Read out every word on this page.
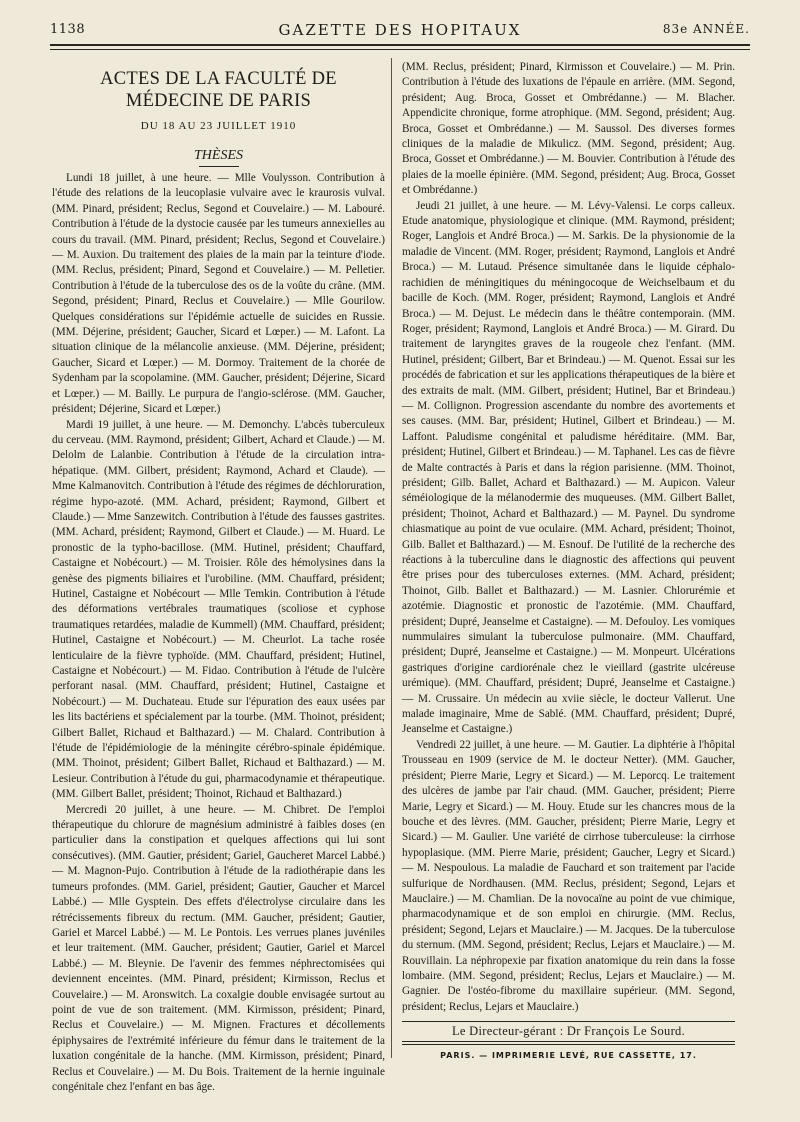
1138	GAZETTE DES HOPITAUX	83e ANNÉE.
ACTES DE LA FACULTÉ DE MÉDECINE DE PARIS
DU 18 AU 23 JUILLET 1910
THÈSES

Lundi 18 juillet, à une heure. — Mlle Voulysson. Contribution à l'étude des relations de la leucoplasie vulvaire avec le kraurosis vulval. (MM. Pinard, président; Reclus, Segond et Couvelaire.) — M. Labouré. Contribution à l'étude de la dystocie causée par les tumeurs annexielles au cours du travail. (MM. Pinard, président; Reclus, Segond et Couvelaire.) — M. Auxion. Du traitement des plaies de la main par la teinture d'iode. (MM. Reclus, président; Pinard, Segond et Couvelaire.) — M. Pelletier. Contribution à l'étude de la tuberculose des os de la voûte du crâne. (MM. Segond, président; Pinard, Reclus et Couvelaire.) — Mlle Gourilow. Quelques considérations sur l'épidémie actuelle de suicides en Russie. (MM. Déjerine, président; Gaucher, Sicard et Lœper.) — M. Lafont. La situation clinique de la mélancolie anxieuse. (MM. Déjerine, président; Gaucher, Sicard et Lœper.) — M. Dormoy. Traitement de la chorée de Sydenham par la scopolamine. (MM. Gaucher, président; Déjerine, Sicard et Lœper.) — M. Bailly. Le purpura de l'angio-sclérose. (MM. Gaucher, président; Déjerine, Sicard et Lœper.)

Mardi 19 juillet, à une heure. — M. Demonchy. L'abcès tuberculeux du cerveau. (MM. Raymond, président; Gilbert, Achard et Claude.) — M. Delolm de Lalanbie. Contribution à l'étude de la circulation intra-hépatique. (MM. Gilbert, président; Raymond, Achard et Claude). — Mme Kalmanovitch. Contribution à l'étude des régimes de déchloruration, régime hypo-azoté. (MM. Achard, président; Raymond, Gilbert et Claude.) — Mme Sanzewitch. Contribution à l'étude des fausses gastrites. (MM. Achard, président; Raymond, Gilbert et Claude.) — M. Huard. Le pronostic de la typho-bacillose. (MM. Hutinel, président; Chauffard, Castaigne et Nobécourt.) — M. Troisier. Rôle des hémolysines dans la genèse des pigments biliaires et l'urobiline. (MM. Chauffard, président; Hutinel, Castaigne et Nobécourt — Mlle Temkin. Contribution à l'étude des déformations vertébrales traumatiques (scoliose et cyphose traumatiques retardées, maladie de Kummell) (MM. Chauffard, président; Hutinel, Castaigne et Nobécourt.) — M. Cheurlot. La tache rosée lenticulaire de la fièvre typhoïde. (MM. Chauffard, président; Hutinel, Castaigne et Nobécourt.) — M. Fidao. Contribution à l'étude de l'ulcère perforant nasal. (MM. Chauffard, président; Hutinel, Castaigne et Nobécourt.) — M. Duchateau. Etude sur l'épuration des eaux usées par les lits bactériens et spécialement par la tourbe. (MM. Thoinot, président; Gilbert Ballet, Richaud et Balthazard.) — M. Chalard. Contribution à l'étude de l'épidémiologie de la méningite cérébro-spinale épidémique. (MM. Thoinot, président; Gilbert Ballet, Richaud et Balthazard.) — M. Lesieur. Contribution à l'étude du gui, pharmacodynamie et thérapeutique. (MM. Gilbert Ballet, président; Thoinot, Richaud et Balthazard.)

Mercredi 20 juillet, à une heure. — M. Chibret. De l'emploi thérapeutique du chlorure de magnésium administré à faibles doses (en particulier dans la constipation et quelques affections qui lui sont consécutives). (MM. Gautier, président; Gariel, Gaucheret Marcel Labbé.) — M. Magnon-Pujo. Contribution à l'étude de la radiothérapie dans les tumeurs profondes. (MM. Gariel, président; Gautier, Gaucher et Marcel Labbé.) — Mlle Gysptein. Des effets d'électrolyse circulaire dans les rétrécissements fibreux du rectum. (MM. Gaucher, président; Gautier, Gariel et Marcel Labbé.) — M. Le Pontois. Les verrues planes juvéniles et leur traitement. (MM. Gaucher, président; Gautier, Gariel et Marcel Labbé.) — M. Bleynie. De l'avenir des femmes néphrectomisées qui deviennent enceintes. (MM. Pinard, président; Kirmisson, Reclus et Couvelaire.) — M. Aronswitch. La coxalgie double envisagée surtout au point de vue de son traitement. (MM. Kirmisson, président; Pinard, Reclus et Couvelaire.) — M. Mignen. Fractures et décollements épiphysaires de l'extrémité inférieure du fémur dans le traitement de la luxation congénitale de la hanche. (MM. Kirmisson, président; Pinard, Reclus et Couvelaire.) — M. Du Bois. Traitement de la hernie inguinale congénitale chez l'enfant en bas âge.

(MM. Reclus, président; Pinard, Kirmisson et Couvelaire.) — M. Prin. Contribution à l'étude des luxations de l'épaule en arrière. (MM. Segond, président; Aug. Broca, Gosset et Ombrédanne.) — M. Blacher. Appendicite chronique, forme atrophique. (MM. Segond, président; Aug. Broca, Gosset et Ombrédanne.) — M. Saussol. Des diverses formes cliniques de la maladie de Mikulicz. (MM. Segond, président; Aug. Broca, Gosset et Ombrédanne.) — M. Bouvier. Contribution à l'étude des plaies de la moelle épinière. (MM. Segond, président; Aug. Broca, Gosset et Ombrédanne.)

Jeudi 21 juillet, à une heure. — M. Lévy-Valensi. Le corps calleux. Etude anatomique, physiologique et clinique. (MM. Raymond, président; Roger, Langlois et André Broca.) — M. Sarkis. De la physionomie de la maladie de Vincent. (MM. Roger, président; Raymond, Langlois et André Broca.) — M. Lutaud. Présence simultanée dans le liquide céphalo-rachidien de méningitiques du méningocoque de Weichselbaum et du bacille de Koch. (MM. Roger, président; Raymond, Langlois et André Broca.) — M. Dejust. Le médecin dans le théâtre contemporain. (MM. Roger, président; Raymond, Langlois et André Broca.) — M. Girard. Du traitement de laryngites graves de la rougeole chez l'enfant. (MM. Hutinel, président; Gilbert, Bar et Brindeau.) — M. Quenot. Essai sur les procédés de fabrication et sur les applications thérapeutiques de la bière et des extraits de malt. (MM. Gilbert, président; Hutinel, Bar et Brindeau.) — M. Collignon. Progression ascendante du nombre des avortements et ses causes. (MM. Bar, président; Hutinel, Gilbert et Brindeau.) — M. Laffont. Paludisme congénital et paludisme héréditaire. (MM. Bar, président; Hutinel, Gilbert et Brindeau.) — M. Taphanel. Les cas de fièvre de Malte contractés à Paris et dans la région parisienne. (MM. Thoinot, président; Gilb. Ballet, Achard et Balthazard.) — M. Aupicon. Valeur séméiologique de la mélanodermie des muqueuses. (MM. Gilbert Ballet, président; Thoinot, Achard et Balthazard.) — M. Paynel. Du syndrome chiasmatique au point de vue oculaire. (MM. Achard, président; Thoinot, Gilb. Ballet et Balthazard.) — M. Esnouf. De l'utilité de la recherche des réactions à la tuberculine dans le diagnostic des affections qui peuvent être prises pour des tuberculoses externes. (MM. Achard, président; Thoinot, Gilb. Ballet et Balthazard.) — M. Lasnier. Chlorurémie et azotémie. Diagnostic et pronostic de l'azotémie. (MM. Chauffard, président; Dupré, Jeanselme et Castaigne). — M. Defouloy. Les vomiques nummulaires simulant la tuberculose pulmonaire. (MM. Chauffard, président; Dupré, Jeanselme et Castaigne.) — M. Monpeurt. Ulcérations gastriques d'origine cardiorénale chez le vieillard (gastrite ulcéreuse urémique). (MM. Chauffard, président; Dupré, Jeanselme et Castaigne.) — M. Crussaire. Un médecin au xviie siècle, le docteur Vallerut. Une malade imaginaire, Mme de Sablé. (MM. Chauffard, président; Dupré, Jeanselme et Castaigne.)

Vendredi 22 juillet, à une heure. — M. Gautier. La diphtérie à l'hôpital Trousseau en 1909 (service de M. le docteur Netter). (MM. Gaucher, président; Pierre Marie, Legry et Sicard.) — M. Leporcq. Le traitement des ulcères de jambe par l'air chaud. (MM. Gaucher, président; Pierre Marie, Legry et Sicard.) — M. Houy. Etude sur les chancres mous de la bouche et des lèvres. (MM. Gaucher, président; Pierre Marie, Legry et Sicard.) — M. Gaulier. Une variété de cirrhose tuberculeuse: la cirrhose hypoplasique. (MM. Pierre Marie, président; Gaucher, Legry et Sicard.) — M. Nespoulous. La maladie de Fauchard et son traitement par l'acide sulfurique de Nordhausen. (MM. Reclus, président; Segond, Lejars et Mauclaire.) — M. Chamlian. De la novocaïne au point de vue chimique, pharmacodynamique et de son emploi en chirurgie. (MM. Reclus, président; Segond, Lejars et Mauclaire.) — M. Jacques. De la tuberculose du sternum. (MM. Segond, président; Reclus, Lejars et Mauclaire.) — M. Rouvillain. La néphropexie par fixation anatomique du rein dans la fosse lombaire. (MM. Segond, président; Reclus, Lejars et Mauclaire.) — M. Gagnier. De l'ostéo-fibrome du maxillaire supérieur. (MM. Segond, président; Reclus, Lejars et Mauclaire.)

Le Directeur-gérant : Dr François Le Sourd.
PARIS. — IMPRIMERIE LEVÉ, RUE CASSETTE, 17.
